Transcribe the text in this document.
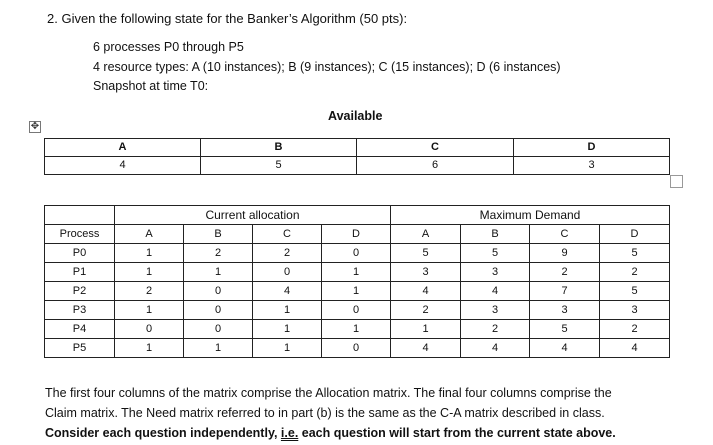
2. Given the following state for the Banker’s Algorithm (50 pts):
6 processes P0 through P5
4 resource types: A (10 instances); B (9 instances); C (15 instances); D (6 instances)
Snapshot at time T0:
Available
✥
A	B	C	D
4	5	6	3
	Current allocation				Maximum Demand			
Process	A	B	C	D	A	B	C	D
P0	1	2	2	0	5	5	9	5
P1	1	1	0	1	3	3	2	2
P2	2	0	4	1	4	4	7	5
P3	1	0	1	0	2	3	3	3
P4	0	0	1	1	1	2	5	2
P5	1	1	1	0	4	4	4	4
The first four columns of the matrix comprise the Allocation matrix. The final four columns comprise the
Claim matrix. The Need matrix referred to in part (b) is the same as the C-A matrix described in class.
Consider each question independently, i.e. each question will start from the current state above.
